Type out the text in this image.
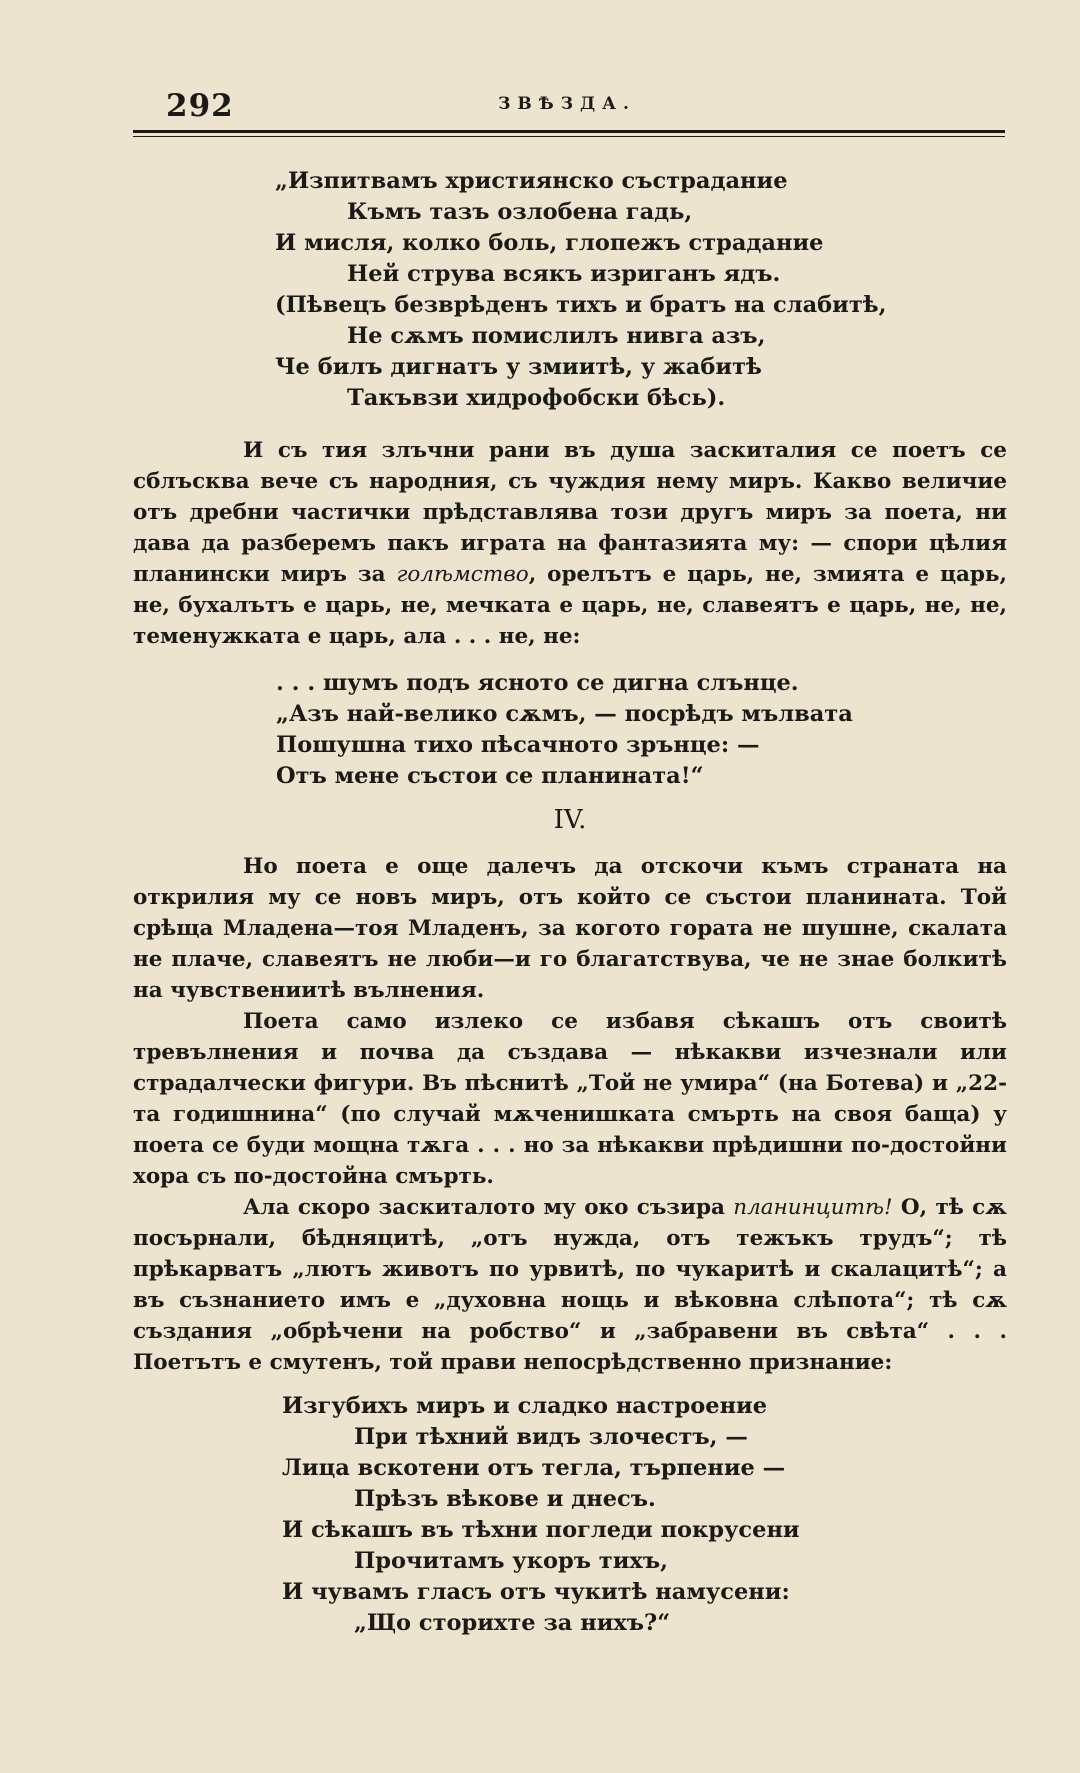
292	ЗВѢЗДА.
„Изпитвамъ християнско състрадание
Къмъ тазъ озлобена гадь,
И мисля, колко боль, глопежъ страдание
Ней струва всякъ изриганъ ядъ.
(Пѣвецъ безврѣденъ тихъ и братъ на слабитѣ,
Не сѫмъ помислилъ нивга азъ,
Че билъ дигнатъ у змиитѣ, у жабитѣ
Такъвзи хидрофобски бѣсь).

И съ тия злъчни рани въ душа заскиталия се поетъ се сблъсква вече съ народния, съ чуждия нему миръ. Какво величие отъ дребни частички прѣдставлява този другъ миръ за поета, ни дава да разберемъ пакъ играта на фантазията му: — спори цѣлия планински миръ за голѣмство, орелътъ е царь, не, змията е царь, не, бухалътъ е царь, не, мечката е царь, не, славеятъ е царь, не, не, теменужката е царь, ала . . . не, не:

. . . шумъ подъ ясното се дигна слънце.
„Азъ най-велико сѫмъ, — посрѣдъ мълвата
Пошушна тихо пѣсачното зрънце: —
Отъ мене състои се планината!“
IV.

Но поета е още далечъ да отскочи къмъ страната на открилия му се новъ миръ, отъ който се състои планината. Той срѣща Младена—тоя Младенъ, за когото гората не шушне, скалата не плаче, славеятъ не люби—и го благатствува, че не знае болкитѣ на чувствениитѣ вълнения.

Поета само излеко се избавя сѣкашъ отъ своитѣ тревълнения и почва да създава — нѣкакви изчезнали или страдалчески фигури. Въ пѣснитѣ „Той не умира“ (на Ботева) и „22-та годишнина“ (по случай мѫченишката смърть на своя баща) у поета се буди мощна тѫга . . . но за нѣкакви прѣдишни по-достойни хора съ по-достойна смърть.

Ала скоро заскиталото му око съзира планинцитѣ! О, тѣ сѫ посърнали, бѣдняцитѣ, „отъ нужда, отъ тежъкъ трудъ“; тѣ прѣкарватъ „лютъ животъ по урвитѣ, по чукаритѣ и скалацитѣ“; а въ съзнанието имъ е „духовна нощь и вѣковна слѣпота“; тѣ сѫ създания „обрѣчени на робство“ и „забравени въ свѣта“ . . . Поетътъ е смутенъ, той прави непосрѣдственно признание:

Изгубихъ миръ и сладко настроение
При тѣхний видъ злочестъ, —
Лица вскотени отъ тегла, търпение —
Прѣзъ вѣкове и днесъ.
И сѣкашъ въ тѣхни погледи покрусени
Прочитамъ укоръ тихъ,
И чувамъ гласъ отъ чукитѣ намусени:
„Що сторихте за нихъ?“
